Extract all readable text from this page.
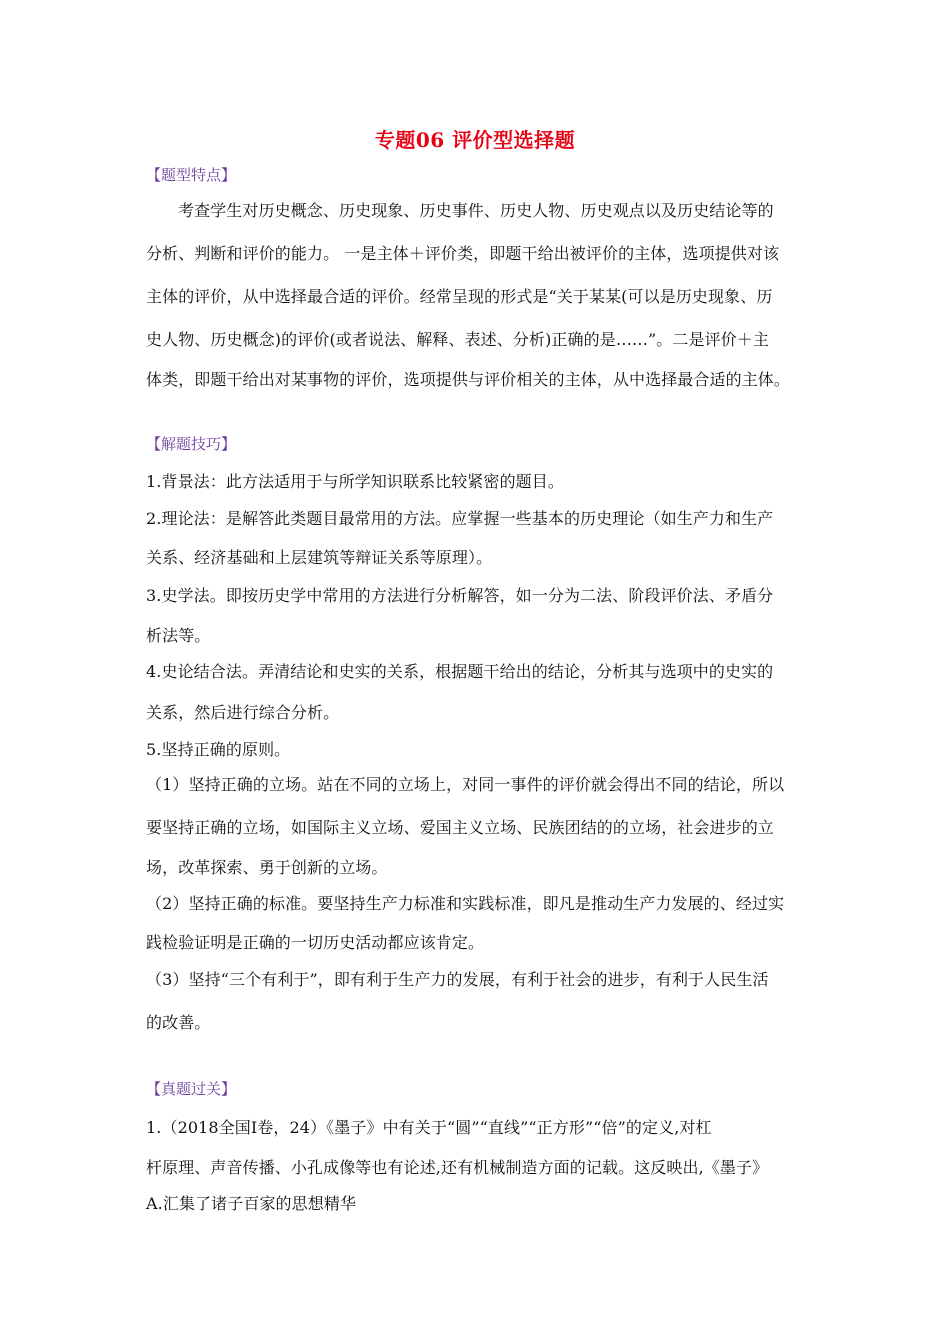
专题06 评价型选择题
【题型特点】
考查学生对历史概念、历史现象、历史事件、历史人物、历史观点以及历史结论等的
分析、判断和评价的能力。 一是主体＋评价类，即题干给出被评价的主体，选项提供对该
主体的评价，从中选择最合适的评价。经常呈现的形式是“关于某某(可以是历史现象、历
史人物、历史概念)的评价(或者说法、解释、表述、分析)正确的是……”。二是评价＋主
体类，即题干给出对某事物的评价，选项提供与评价相关的主体，从中选择最合适的主体。
【解题技巧】
1.背景法：此方法适用于与所学知识联系比较紧密的题目。
2.理论法：是解答此类题目最常用的方法。应掌握一些基本的历史理论（如生产力和生产
关系、经济基础和上层建筑等辩证关系等原理）。
3.史学法。即按历史学中常用的方法进行分析解答，如一分为二法、阶段评价法、矛盾分
析法等。
4.史论结合法。弄清结论和史实的关系，根据题干给出的结论，分析其与选项中的史实的
关系，然后进行综合分析。
5.坚持正确的原则。
（1）坚持正确的立场。站在不同的立场上，对同一事件的评价就会得出不同的结论，所以
要坚持正确的立场，如国际主义立场、爱国主义立场、民族团结的的立场，社会进步的立
场，改革探索、勇于创新的立场。
（2）坚持正确的标准。要坚持生产力标准和实践标准，即凡是推动生产力发展的、经过实
践检验证明是正确的一切历史活动都应该肯定。
（3）坚持“三个有利于”，即有利于生产力的发展，有利于社会的进步，有利于人民生活
的改善。
【真题过关】
1.（2018全国Ⅰ卷，24）《墨子》中有关于“圆”“直线”“正方形”“倍”的定义,对杠
杆原理、声音传播、小孔成像等也有论述,还有机械制造方面的记载。这反映出,《墨子》
A.汇集了诸子百家的思想精华
